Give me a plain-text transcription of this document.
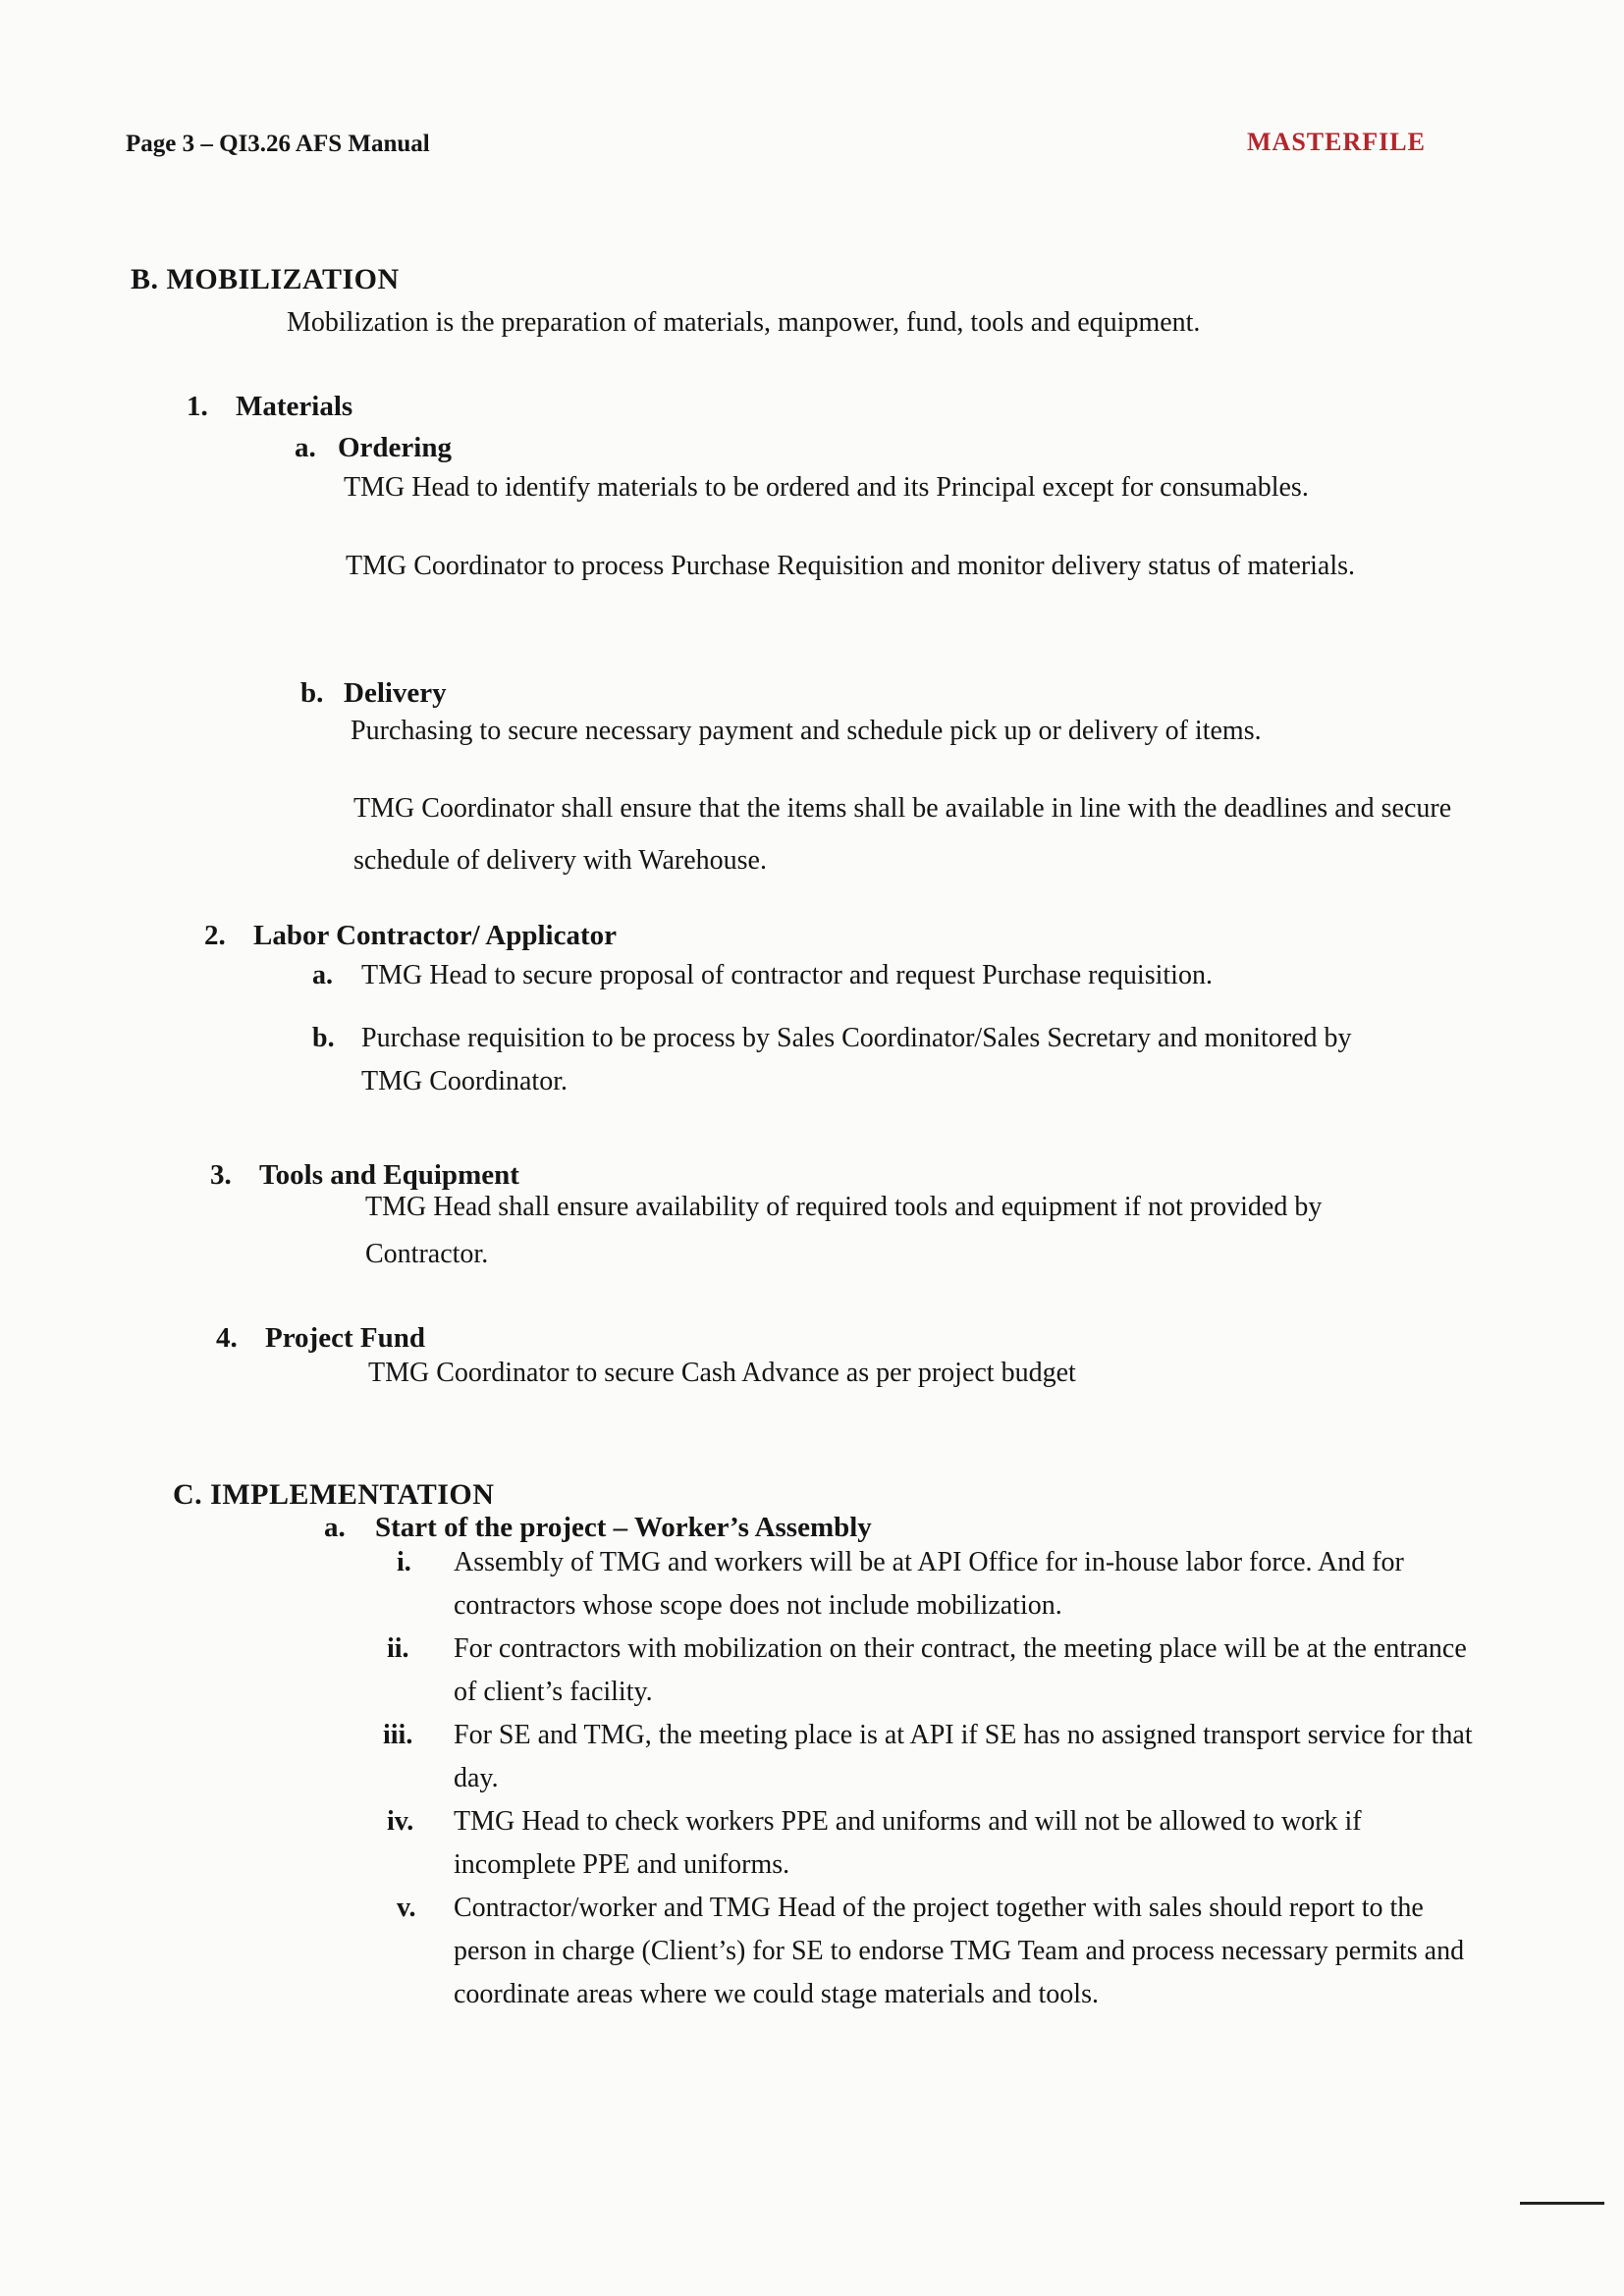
Page 3 – QI3.26 AFS Manual	MASTERFILE
B. MOBILIZATION
Mobilization is the preparation of materials, manpower, fund, tools and equipment.
1. Materials
a. Ordering
TMG Head to identify materials to be ordered and its Principal except for consumables.
TMG Coordinator to process Purchase Requisition and monitor delivery status of materials.
b. Delivery
Purchasing to secure necessary payment and schedule pick up or delivery of items.
TMG Coordinator shall ensure that the items shall be available in line with the deadlines and secure schedule of delivery with Warehouse.
2. Labor Contractor/ Applicator
a. TMG Head to secure proposal of contractor and request Purchase requisition.
b. Purchase requisition to be process by Sales Coordinator/Sales Secretary and monitored by TMG Coordinator.
3. Tools and Equipment
TMG Head shall ensure availability of required tools and equipment if not provided by Contractor.
4. Project Fund
TMG Coordinator to secure Cash Advance as per project budget
C. IMPLEMENTATION
a. Start of the project – Worker’s Assembly
i.	Assembly of TMG and workers will be at API Office for in-house labor force. And for contractors whose scope does not include mobilization.
ii.	For contractors with mobilization on their contract, the meeting place will be at the entrance of client’s facility.
iii.	For SE and TMG, the meeting place is at API if SE has no assigned transport service for that day.
iv.	TMG Head to check workers PPE and uniforms and will not be allowed to work if incomplete PPE and uniforms.
v.	Contractor/worker and TMG Head of the project together with sales should report to the person in charge (Client’s) for SE to endorse TMG Team and process necessary permits and coordinate areas where we could stage materials and tools.
